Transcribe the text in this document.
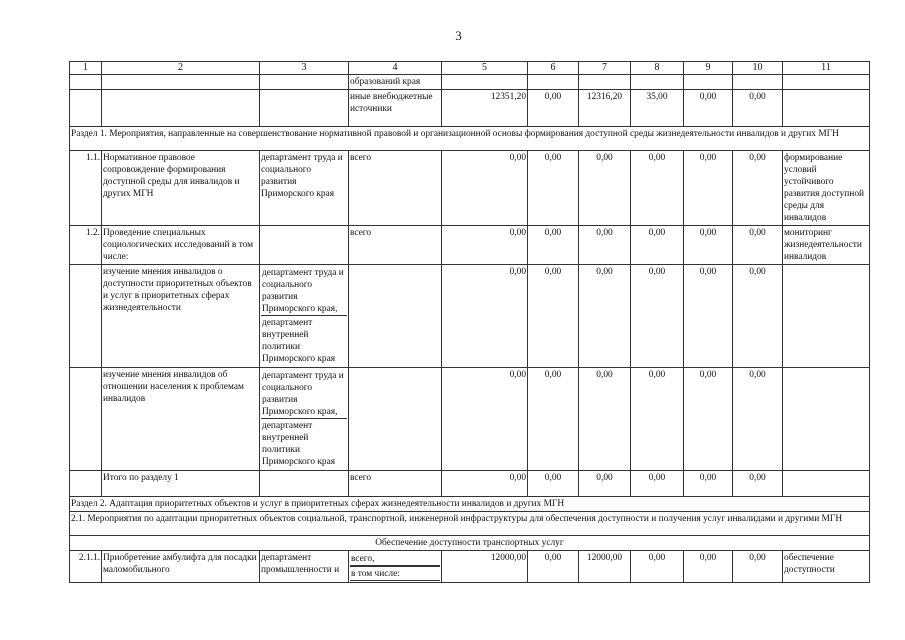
3
1	2	3	4	5	6	7	8	9	10	11
			образований края							
			иные внебюджетные источники	12351,20	0,00	12316,20	35,00	0,00	0,00	
Раздел 1. Мероприятия, направленные на совершенствование нормативной правовой и организационной основы формирования доступной среды жизнедеятельности инвалидов и других МГН										
1.1.	Нормативное правовое сопровождение формирования доступной среды для инвалидов и других МГН	департамент труда и социального развития Приморского края	всего	0,00	0,00	0,00	0,00	0,00	0,00	формирование условий устойчивого развития доступной среды для инвалидов
1.2.	Проведение специальных социологических исследований в том числе:		всего	0,00	0,00	0,00	0,00	0,00	0,00	мониторинг жизнедеятельности инвалидов
	изучение мнения инвалидов о доступности приоритетных объектов и услуг в приоритетных сферах жизнедеятельности	департамент труда и социального развития Приморского края,
департамент внутренней политики Приморского края		0,00	0,00	0,00	0,00	0,00	0,00	
	изучение мнения инвалидов об отношении населения к проблемам инвалидов	департамент труда и социального развития Приморского края,
департамент внутренней политики Приморского края		0,00	0,00	0,00	0,00	0,00	0,00	
	Итого по разделу 1		всего	0,00	0,00	0,00	0,00	0,00	0,00	
Раздел 2. Адаптация приоритетных объектов и услуг в приоритетных сферах жизнедеятельности инвалидов и других МГН										
2.1. Мероприятия по адаптации приоритетных объектов социальной, транспортной, инженерной инфраструктуры для обеспечения доступности и получения услуг инвалидами и другими МГН										
Обеспечение доступности транспортных услуг										
2.1.1.	Приобретение амбулифта для посадки маломобильного	департамент промышленности и	всего,
в том числе:	12000,00	0,00	12000,00	0,00	0,00	0,00	обеспечение доступности
